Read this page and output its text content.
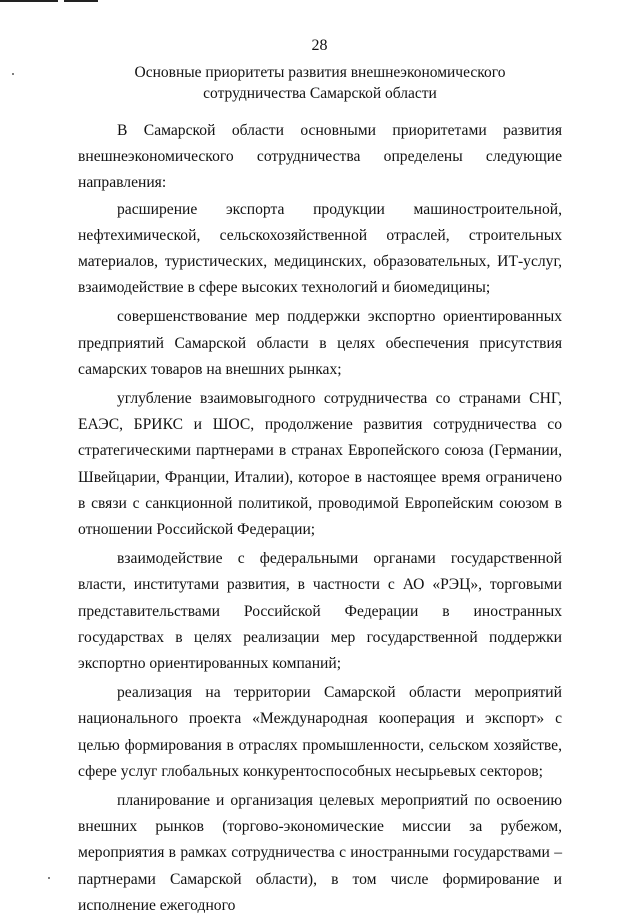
28
Основные приоритеты развития внешнеэкономического
сотрудничества Самарской области

В Самарской области основными приоритетами развития внешнеэкономического сотрудничества определены следующие направления:

расширение экспорта продукции машиностроительной, нефтехимической, сельскохозяйственной отраслей, строительных материалов, туристических, медицинских, образовательных, ИТ-услуг, взаимодействие в сфере высоких технологий и биомедицины;

совершенствование мер поддержки экспортно ориентированных предприятий Самарской области в целях обеспечения присутствия самарских товаров на внешних рынках;

углубление взаимовыгодного сотрудничества со странами СНГ, ЕАЭС, БРИКС и ШОС, продолжение развития сотрудничества со стратегическими партнерами в странах Европейского союза (Германии, Швейцарии, Франции, Италии), которое в настоящее время ограничено в связи с санкционной политикой, проводимой Европейским союзом в отношении Российской Федерации;

взаимодействие с федеральными органами государственной власти, институтами развития, в частности с АО «РЭЦ», торговыми представительствами Российской Федерации в иностранных государствах в целях реализации мер государственной поддержки экспортно ориентированных компаний;

реализация на территории Самарской области мероприятий национального проекта «Международная кооперация и экспорт» с целью формирования в отраслях промышленности, сельском хозяйстве, сфере услуг глобальных конкурентоспособных несырьевых секторов;

планирование и организация целевых мероприятий по освоению внешних рынков (торгово-экономические миссии за рубежом, мероприятия в рамках сотрудничества с иностранными государствами – партнерами Самарской области), в том числе формирование и исполнение ежегодного
